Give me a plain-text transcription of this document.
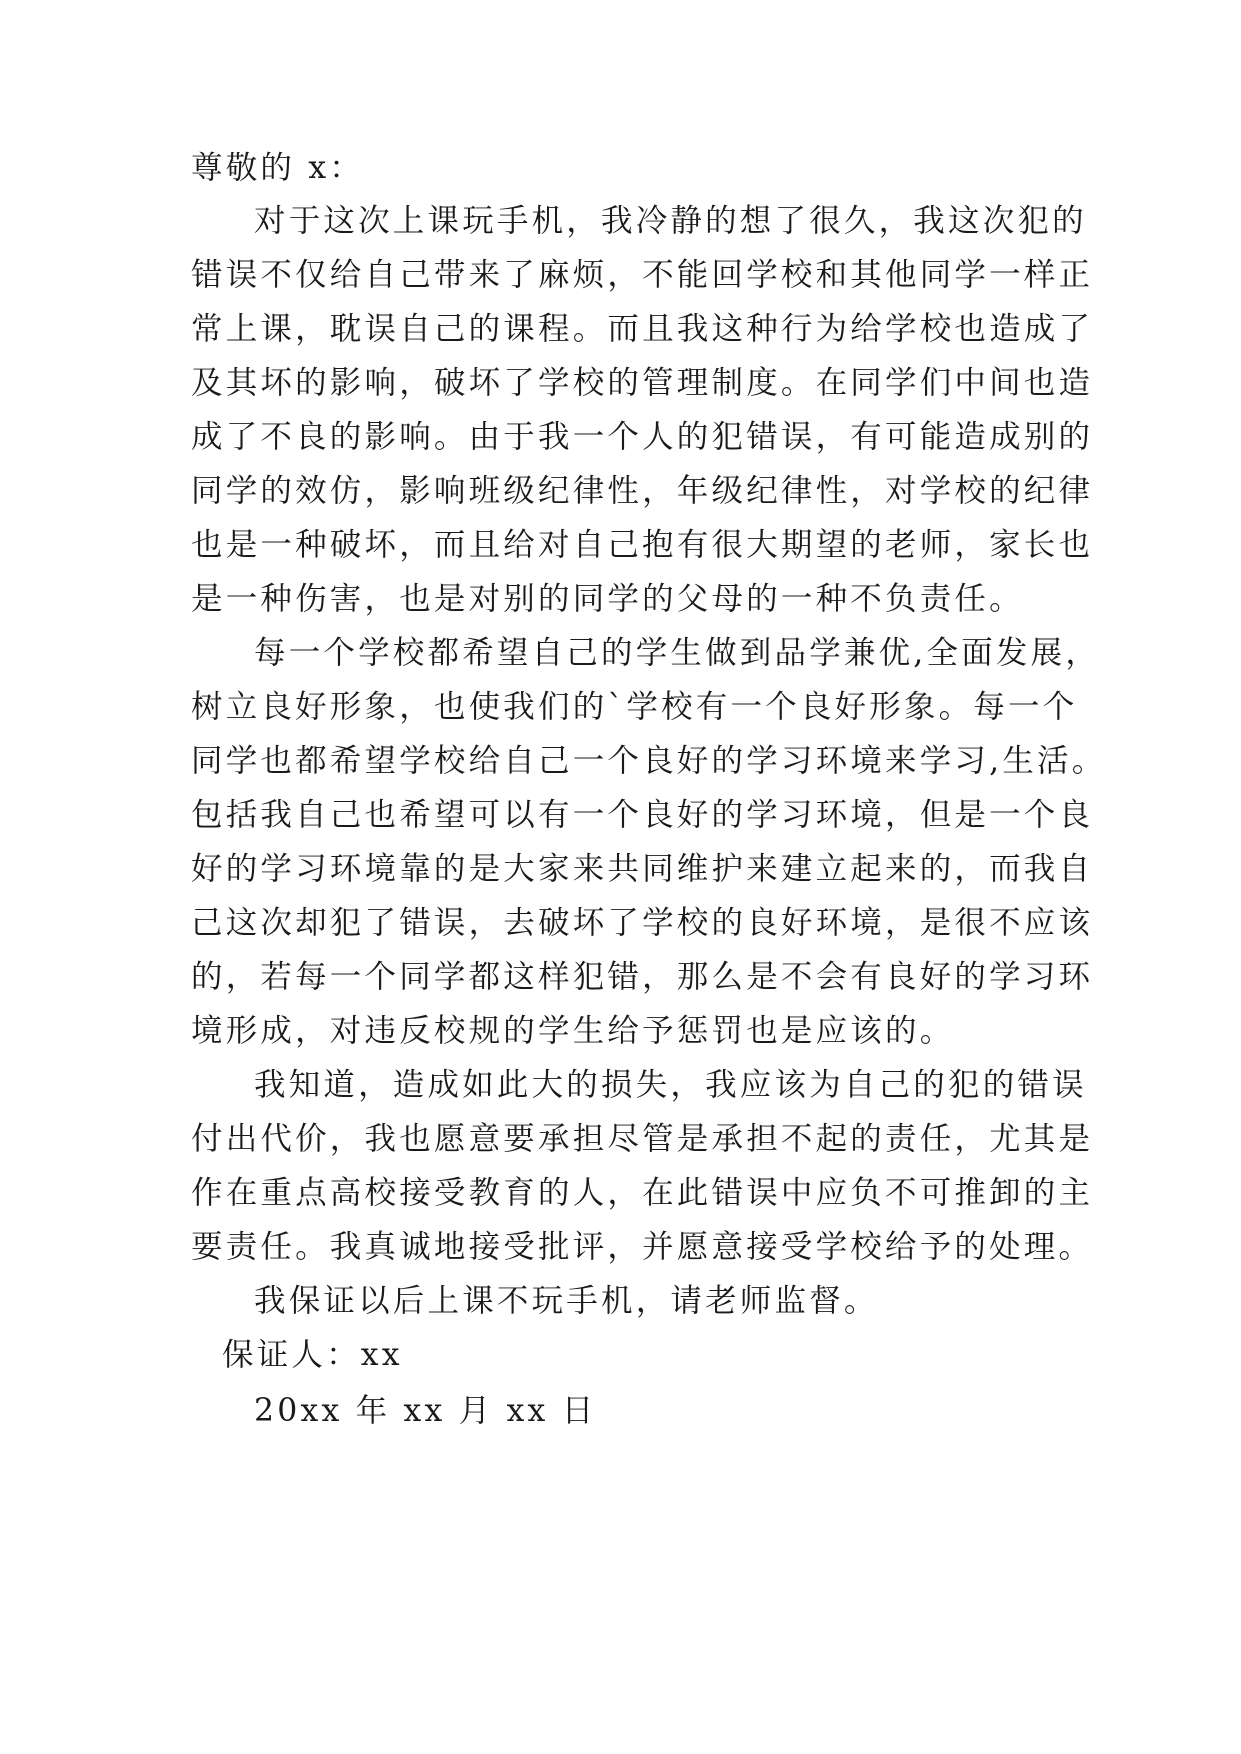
尊敬的 x：
对于这次上课玩手机，我冷静的想了很久，我这次犯的
错误不仅给自己带来了麻烦，不能回学校和其他同学一样正
常上课，耽误自己的课程。而且我这种行为给学校也造成了
及其坏的影响，破坏了学校的管理制度。在同学们中间也造
成了不良的影响。由于我一个人的犯错误，有可能造成别的
同学的效仿，影响班级纪律性，年级纪律性，对学校的纪律
也是一种破坏，而且给对自己抱有很大期望的老师，家长也
是一种伤害，也是对别的同学的父母的一种不负责任。
每一个学校都希望自己的学生做到品学兼优,全面发展，
树立良好形象，也使我们的`学校有一个良好形象。每一个
同学也都希望学校给自己一个良好的学习环境来学习,生活。
包括我自己也希望可以有一个良好的学习环境，但是一个良
好的学习环境靠的是大家来共同维护来建立起来的，而我自
己这次却犯了错误，去破坏了学校的良好环境，是很不应该
的，若每一个同学都这样犯错，那么是不会有良好的学习环
境形成，对违反校规的学生给予惩罚也是应该的。
我知道，造成如此大的损失，我应该为自己的犯的错误
付出代价，我也愿意要承担尽管是承担不起的责任，尤其是
作在重点高校接受教育的人，在此错误中应负不可推卸的主
要责任。我真诚地接受批评，并愿意接受学校给予的处理。
我保证以后上课不玩手机，请老师监督。
保证人：xx
20xx 年 xx 月 xx 日
